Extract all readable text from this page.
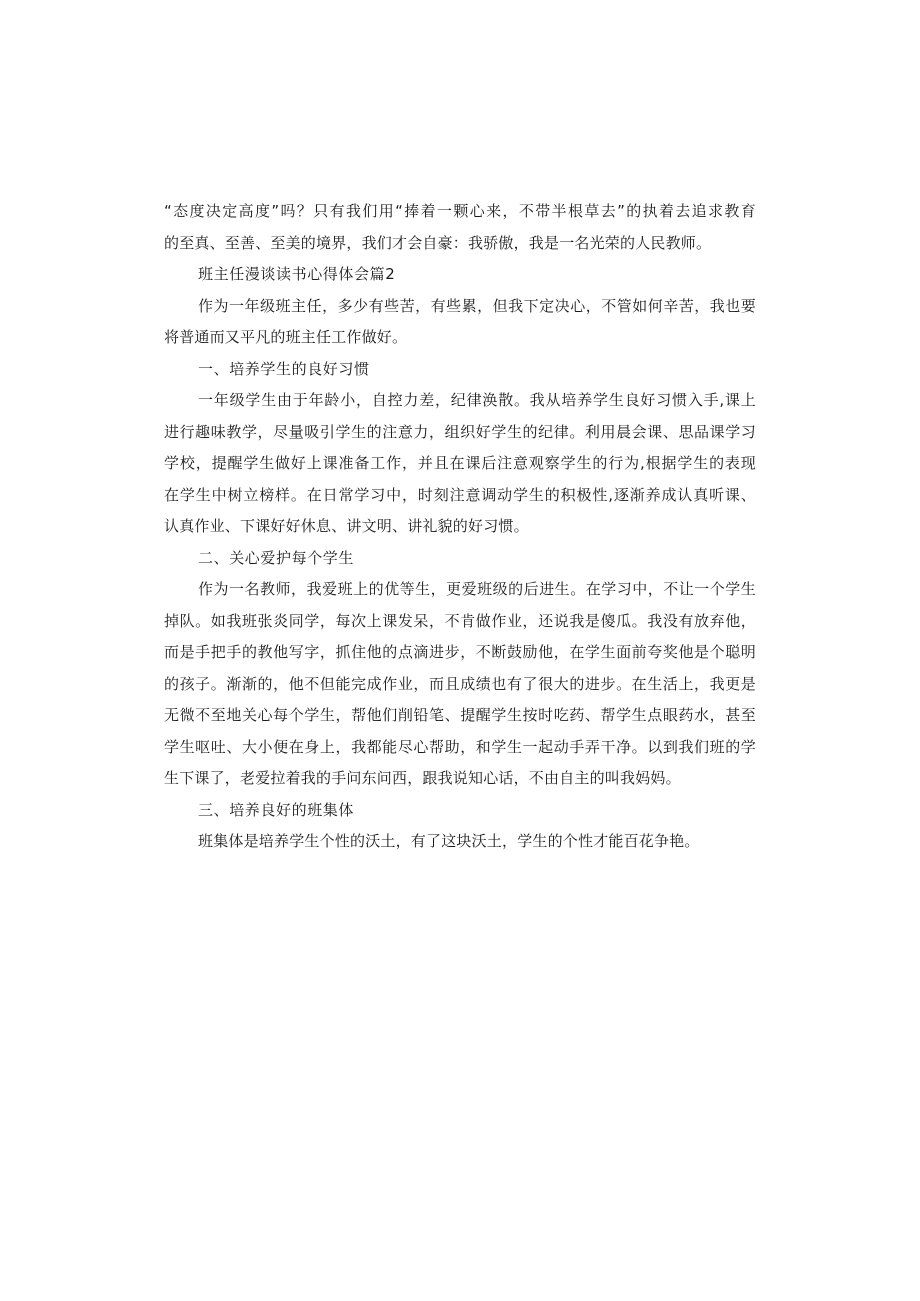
“态度决定高度”吗？只有我们用“捧着一颗心来，不带半根草去”的执着去追求教育
的至真、至善、至美的境界，我们才会自豪：我骄傲，我是一名光荣的人民教师。
班主任漫谈读书心得体会篇2
作为一年级班主任，多少有些苦，有些累，但我下定决心，不管如何辛苦，我也要
将普通而又平凡的班主任工作做好。
一、培养学生的良好习惯
一年级学生由于年龄小，自控力差，纪律涣散。我从培养学生良好习惯入手,课上
进行趣味教学，尽量吸引学生的注意力，组织好学生的纪律。利用晨会课、思品课学习
学校，提醒学生做好上课准备工作，并且在课后注意观察学生的行为,根据学生的表现
在学生中树立榜样。在日常学习中，时刻注意调动学生的积极性,逐渐养成认真听课、
认真作业、下课好好休息、讲文明、讲礼貌的好习惯。
二、关心爱护每个学生
作为一名教师，我爱班上的优等生，更爱班级的后进生。在学习中，不让一个学生
掉队。如我班张炎同学，每次上课发呆，不肯做作业，还说我是傻瓜。我没有放弃他，
而是手把手的教他写字，抓住他的点滴进步，不断鼓励他，在学生面前夸奖他是个聪明
的孩子。渐渐的，他不但能完成作业，而且成绩也有了很大的进步。在生活上，我更是
无微不至地关心每个学生，帮他们削铅笔、提醒学生按时吃药、帮学生点眼药水，甚至
学生呕吐、大小便在身上，我都能尽心帮助，和学生一起动手弄干净。以到我们班的学
生下课了，老爱拉着我的手问东问西，跟我说知心话，不由自主的叫我妈妈。
三、培养良好的班集体
班集体是培养学生个性的沃土，有了这块沃土，学生的个性才能百花争艳。
